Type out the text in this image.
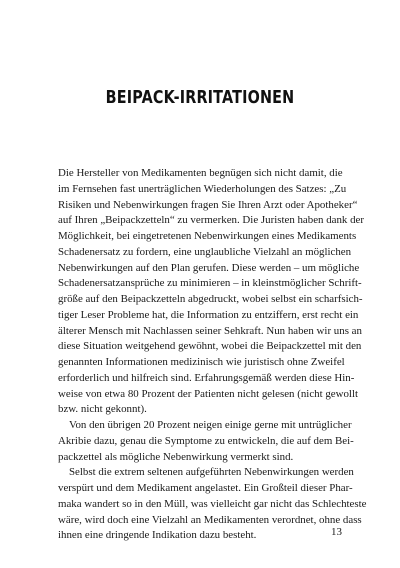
BEIPACK-IRRITATIONEN

Die Hersteller von Medikamenten begnügen sich nicht damit, die
im Fernsehen fast unerträglichen Wiederholungen des Satzes: „Zu
Risiken und Nebenwirkungen fragen Sie Ihren Arzt oder Apotheker“
auf Ihren „Beipackzetteln“ zu vermerken. Die Juristen haben dank der
Möglichkeit, bei eingetretenen Nebenwirkungen eines Medikaments
Schadenersatz zu fordern, eine unglaubliche Vielzahl an möglichen
Nebenwirkungen auf den Plan gerufen. Diese werden – um mögliche
Schadenersatzansprüche zu minimieren – in kleinstmöglicher Schrift-
größe auf den Beipackzetteln abgedruckt, wobei selbst ein scharfsich-
tiger Leser Probleme hat, die Information zu entziffern, erst recht ein
älterer Mensch mit Nachlassen seiner Sehkraft. Nun haben wir uns an
diese Situation weitgehend gewöhnt, wobei die Beipackzettel mit den
genannten Informationen medizinisch wie juristisch ohne Zweifel
erforderlich und hilfreich sind. Erfahrungsgemäß werden diese Hin-
weise von etwa 80 Prozent der Patienten nicht gelesen (nicht gewollt
bzw. nicht gekonnt).

Von den übrigen 20 Prozent neigen einige gerne mit untrüglicher
Akribie dazu, genau die Symptome zu entwickeln, die auf dem Bei-
packzettel als mögliche Nebenwirkung vermerkt sind.

Selbst die extrem seltenen aufgeführten Nebenwirkungen werden
verspürt und dem Medikament angelastet. Ein Großteil dieser Phar-
maka wandert so in den Müll, was vielleicht gar nicht das Schlechteste
wäre, wird doch eine Vielzahl an Medikamenten verordnet, ohne dass
ihnen eine dringende Indikation dazu besteht.	13
